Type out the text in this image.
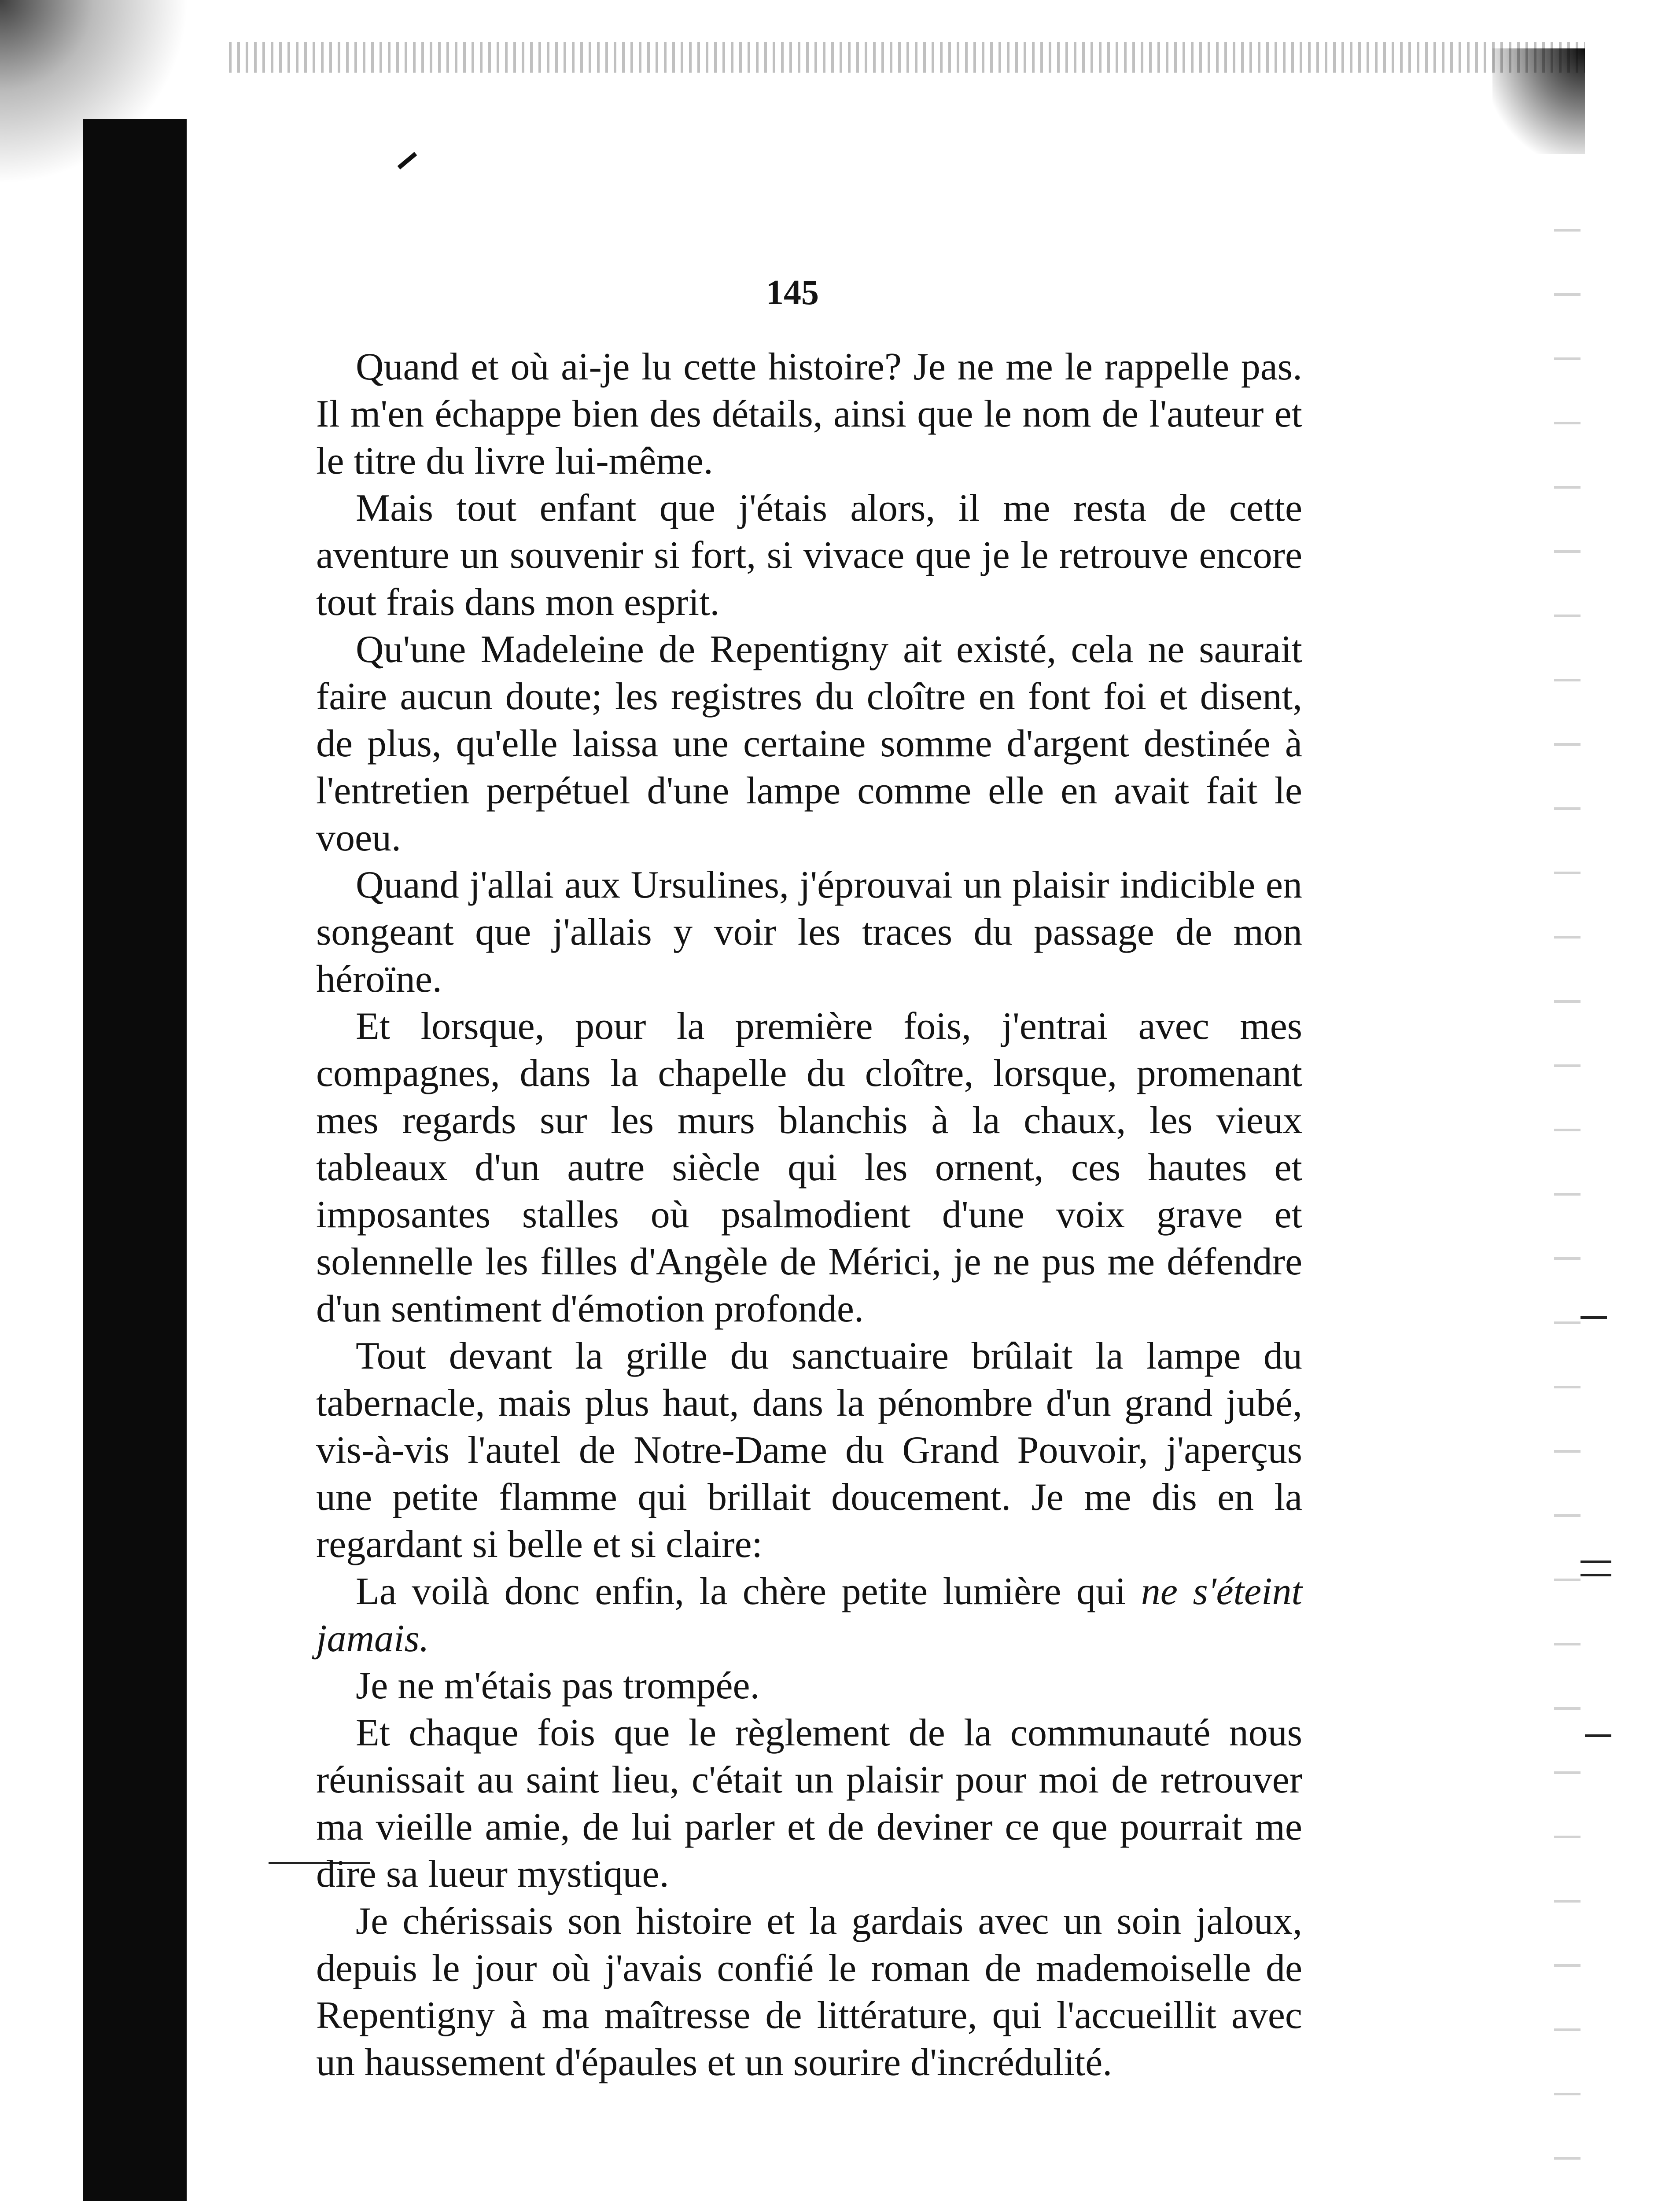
145

Quand et où ai-je lu cette histoire? Je ne me le rappelle pas. Il m'en échappe bien des détails, ainsi que le nom de l'auteur et le titre du livre lui-même.

Mais tout enfant que j'étais alors, il me resta de cette aventure un souvenir si fort, si vivace que je le retrouve encore tout frais dans mon esprit.

Qu'une Madeleine de Repentigny ait existé, cela ne saurait faire aucun doute; les registres du cloître en font foi et disent, de plus, qu'elle laissa une certaine somme d'argent destinée à l'entretien perpétuel d'une lampe comme elle en avait fait le voeu.

Quand j'allai aux Ursulines, j'éprouvai un plaisir indicible en songeant que j'allais y voir les traces du passage de mon héroïne.

Et lorsque, pour la première fois, j'entrai avec mes compagnes, dans la chapelle du cloître, lorsque, promenant mes regards sur les murs blanchis à la chaux, les vieux tableaux d'un autre siècle qui les ornent, ces hautes et imposantes stalles où psalmodient d'une voix grave et solennelle les filles d'Angèle de Mérici, je ne pus me défendre d'un sentiment d'émotion profonde.

Tout devant la grille du sanctuaire brûlait la lampe du tabernacle, mais plus haut, dans la pénombre d'un grand jubé, vis-à-vis l'autel de Notre-Dame du Grand Pouvoir, j'aperçus une petite flamme qui brillait doucement. Je me dis en la regardant si belle et si claire:

La voilà donc enfin, la chère petite lumière qui ne s'éteint jamais.

Je ne m'étais pas trompée.

Et chaque fois que le règlement de la communauté nous réunissait au saint lieu, c'était un plaisir pour moi de retrouver ma vieille amie, de lui parler et de deviner ce que pourrait me dire sa lueur mystique.

Je chérissais son histoire et la gardais avec un soin jaloux, depuis le jour où j'avais confié le roman de mademoiselle de Repentigny à ma maîtresse de littérature, qui l'accueillit avec un haussement d'épaules et un sourire d'incrédulité.
